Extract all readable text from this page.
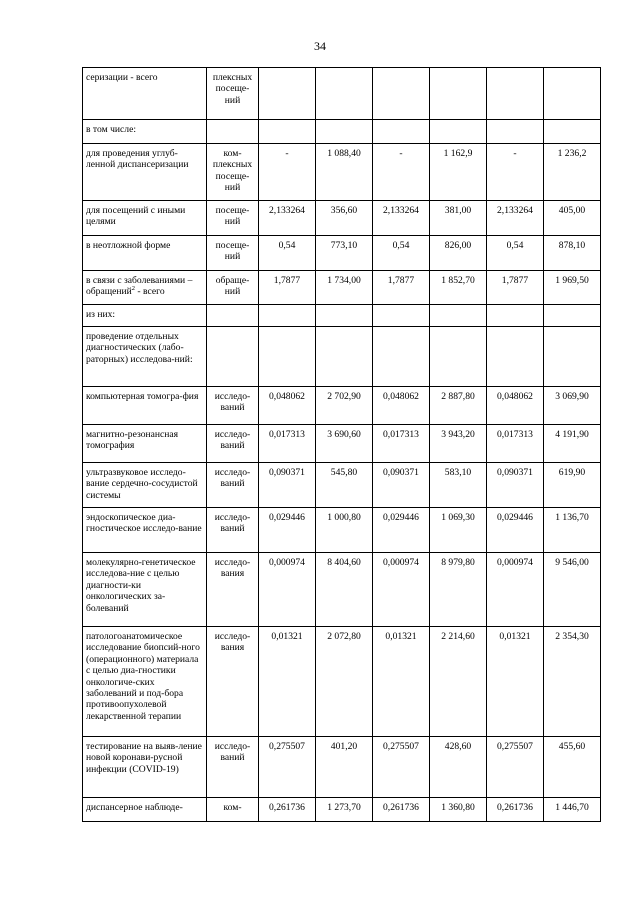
34
серизации - всего	плексных посеще-ний						
в том числе:							
для проведения углуб-ленной диспансеризации	ком-плексных посеще-ний	-	1 088,40	-	1 162,9	-	1 236,2
для посещений с иными целями	посеще-ний	2,133264	356,60	2,133264	381,00	2,133264	405,00
в неотложной форме	посеще-ний	0,54	773,10	0,54	826,00	0,54	878,10
в связи с заболеваниями – обращений$^2$ - всего	обраще-ний	1,7877	1 734,00	1,7877	1 852,70	1,7877	1 969,50
из них:							
проведение отдельных диагностических (лабо-раторных) исследова-ний:							
компьютерная томогра-фия	исследо-ваний	0,048062	2 702,90	0,048062	2 887,80	0,048062	3 069,90
магнитно-резонансная томография	исследо-ваний	0,017313	3 690,60	0,017313	3 943,20	0,017313	4 191,90
ультразвуковое исследо-вание сердечно-сосудистой системы	исследо-ваний	0,090371	545,80	0,090371	583,10	0,090371	619,90
эндоскопическое диа-гностическое исследо-вание	исследо-ваний	0,029446	1 000,80	0,029446	1 069,30	0,029446	1 136,70
молекулярно-генетическое исследова-ние с целью диагности-ки онкологических за-болеваний	исследо-вания	0,000974	8 404,60	0,000974	8 979,80	0,000974	9 546,00
патологоанатомическое исследование биопсий-ного (операционного) материала с целью диа-гностики онкологиче-ских заболеваний и под-бора противоопухолевой лекарственной терапии	исследо-вания	0,01321	2 072,80	0,01321	2 214,60	0,01321	2 354,30
тестирование на выяв-ление новой коронави-русной инфекции (COVID-19)	исследо-ваний	0,275507	401,20	0,275507	428,60	0,275507	455,60
диспансерное наблюде-	ком-	0,261736	1 273,70	0,261736	1 360,80	0,261736	1 446,70
